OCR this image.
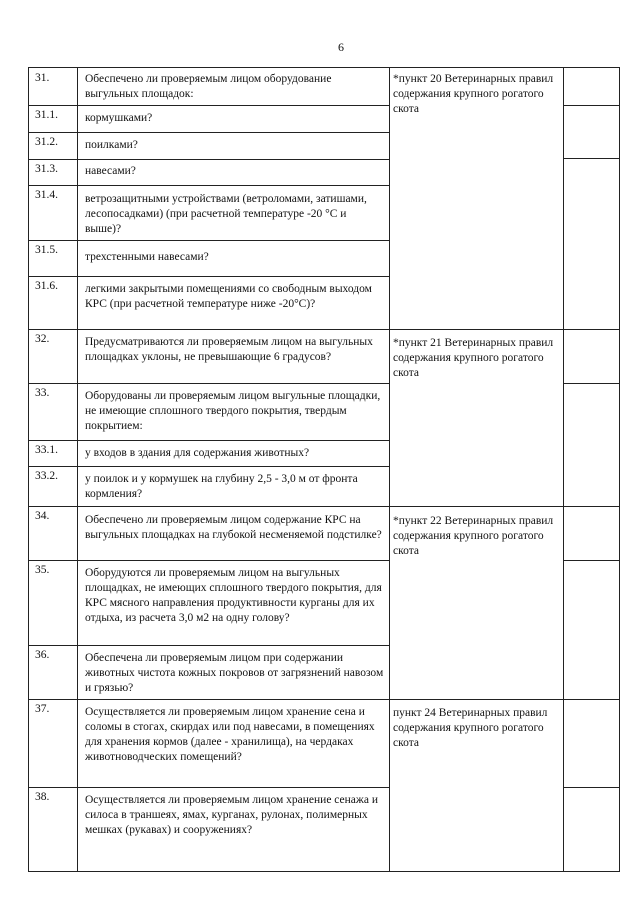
6
31.
31.1.
31.2.
31.3.
31.4.
31.5.
31.6.
32.
33.
33.1.
33.2.
34.
35.
36.
37.
38.
Обеспечено ли проверяемым лицом оборудование выгульных площадок:
кормушками?
поилками?
навесами?
ветрозащитными устройствами (ветроломами, затишами, лесопосадками) (при расчетной температуре -20 °С и выше)?
трехстенными навесами?
легкими закрытыми помещениями со свободным выходом КРС (при расчетной температуре ниже -20°С)?
Предусматриваются ли проверяемым лицом на выгульных площадках уклоны, не превышающие 6 градусов?
Оборудованы ли проверяемым лицом выгульные площадки, не имеющие сплошного твердого покрытия, твердым покрытием:
у входов в здания для содержания животных?
у поилок и у кормушек на глубину 2,5 - 3,0 м от фронта кормления?
Обеспечено ли проверяемым лицом содержание КРС на выгульных площадках на глубокой несменяемой подстилке?
Оборудуются ли проверяемым лицом на выгульных площадках, не имеющих сплошного твердого покрытия, для КРС мясного направления продуктивности курганы для их отдыха, из расчета 3,0 м2 на одну голову?
Обеспечена ли проверяемым лицом при содержании животных чистота кожных покровов от загрязнений навозом и грязью?
Осуществляется ли проверяемым лицом хранение сена и соломы в стогах, скирдах или под навесами, в помещениях для хранения кормов (далее - хранилища), на чердаках животноводческих помещений?
Осуществляется ли проверяемым лицом хранение сенажа и силоса в траншеях, ямах, курганах, рулонах, полимерных мешках (рукавах) и сооружениях?
*пункт 20 Ветеринарных правил содержания крупного рогатого скота
*пункт 21 Ветеринарных правил содержания крупного рогатого скота
*пункт 22 Ветеринарных правил содержания крупного рогатого скота
пункт 24 Ветеринарных правил содержания крупного рогатого скота
